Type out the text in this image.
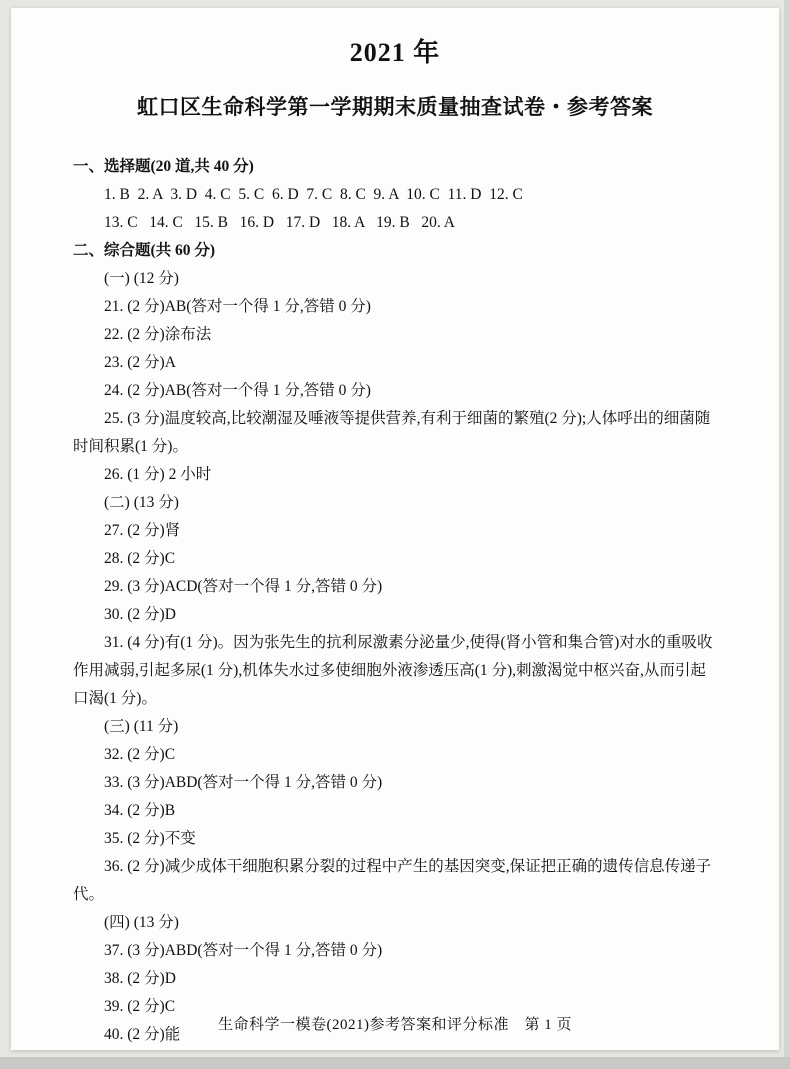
2021 年
虹口区生命科学第一学期期末质量抽查试卷・参考答案

一、选择题(20 道,共 40 分)

1. B  2. A  3. D  4. C  5. C  6. D  7. C  8. C  9. A  10. C  11. D  12. C

13. C   14. C   15. B   16. D   17. D   18. A   19. B   20. A

二、综合题(共 60 分)

(一) (12 分)

21. (2 分)AB(答对一个得 1 分,答错 0 分)

22. (2 分)涂布法

23. (2 分)A

24. (2 分)AB(答对一个得 1 分,答错 0 分)

25. (3 分)温度较高,比较潮湿及唾液等提供营养,有利于细菌的繁殖(2 分);人体呼出的细菌随时间积累(1 分)。

26. (1 分) 2 小时

(二) (13 分)

27. (2 分)肾

28. (2 分)C

29. (3 分)ACD(答对一个得 1 分,答错 0 分)

30. (2 分)D

31. (4 分)有(1 分)。因为张先生的抗利尿激素分泌量少,使得(肾小管和集合管)对水的重吸收作用减弱,引起多尿(1 分),机体失水过多使细胞外液渗透压高(1 分),刺激渴觉中枢兴奋,从而引起口渴(1 分)。

(三) (11 分)

32. (2 分)C

33. (3 分)ABD(答对一个得 1 分,答错 0 分)

34. (2 分)B

35. (2 分)不变

36. (2 分)减少成体干细胞积累分裂的过程中产生的基因突变,保证把正确的遗传信息传递子代。

(四) (13 分)

37. (3 分)ABD(答对一个得 1 分,答错 0 分)

38. (2 分)D

39. (2 分)C

40. (2 分)能

生命科学一模卷(2021)参考答案和评分标准　第 1 页
